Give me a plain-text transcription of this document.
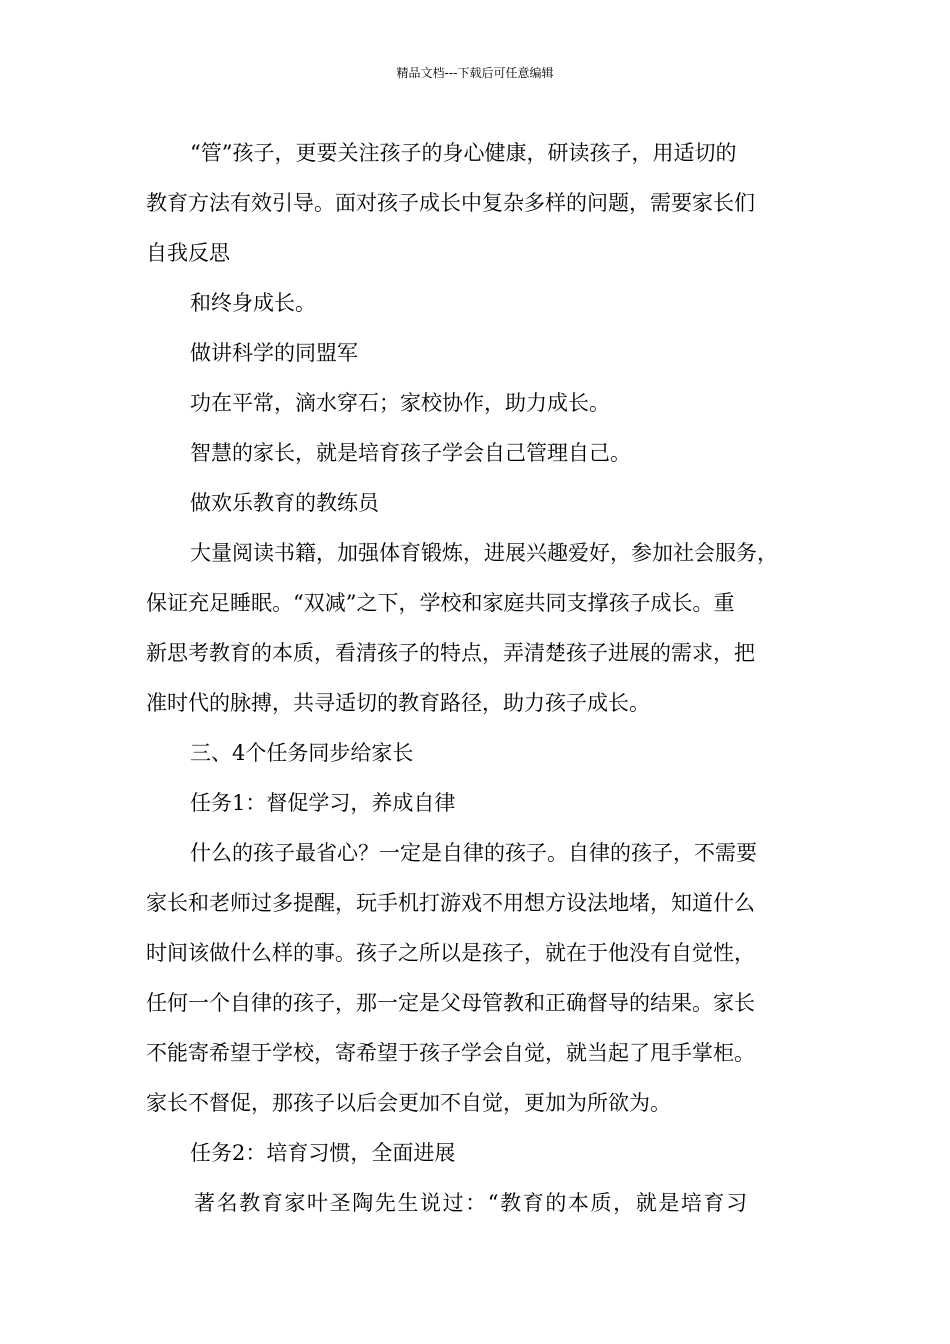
精品文档---下载后可任意编辑
“管”孩子，更要关注孩子的身心健康，研读孩子，用适切的
教育方法有效引导。面对孩子成长中复杂多样的问题，需要家长们
自我反思
和终身成长。
做讲科学的同盟军
功在平常，滴水穿石；家校协作，助力成长。
智慧的家长，就是培育孩子学会自己管理自己。
做欢乐教育的教练员
大量阅读书籍，加强体育锻炼，进展兴趣爱好，参加社会服务，
保证充足睡眠。“双减”之下，学校和家庭共同支撑孩子成长。重
新思考教育的本质，看清孩子的特点，弄清楚孩子进展的需求，把
准时代的脉搏，共寻适切的教育路径，助力孩子成长。
三、4个任务同步给家长
任务1：督促学习，养成自律
什么的孩子最省心？一定是自律的孩子。自律的孩子，不需要
家长和老师过多提醒，玩手机打游戏不用想方设法地堵，知道什么
时间该做什么样的事。孩子之所以是孩子，就在于他没有自觉性，
任何一个自律的孩子，那一定是父母管教和正确督导的结果。家长
不能寄希望于学校，寄希望于孩子学会自觉，就当起了甩手掌柜。
家长不督促，那孩子以后会更加不自觉，更加为所欲为。
任务2：培育习惯，全面进展
著名教育家叶圣陶先生说过：“教育的本质，就是培育习
